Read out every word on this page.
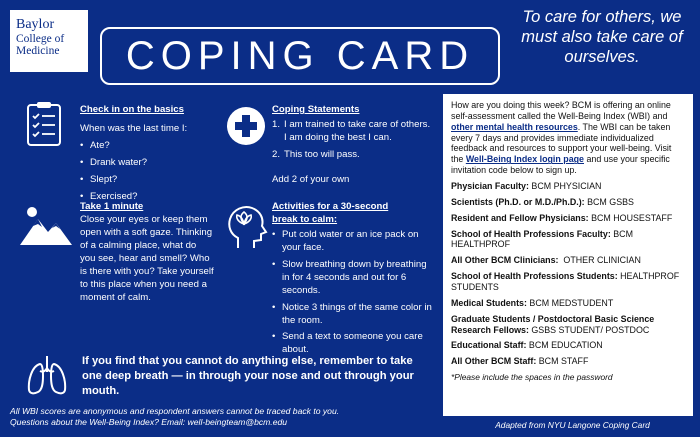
Baylor
College of
Medicine	COPING CARD
To care for others, we must also take care of ourselves.
Check in on the basics
When was the last time I:
• Ate?
• Drank water?
• Slept?
• Exercised?
Coping Statements
1. I am trained to take care of others. I am doing the best I can.
2. This too will pass.
Add 2 of your own
Take 1 minute
Close your eyes or keep them open with a soft gaze. Thinking of a calming place, what do you see, hear and smell? Who is there with you? Take yourself to this place when you need a moment of calm.
Activities for a 30-second break to calm:
• Put cold water or an ice pack on your face.
• Slow breathing down by breathing in for 4 seconds and out for 6 seconds.
• Notice 3 things of the same color in the room.
• Send a text to someone you care about.
If you find that you cannot do anything else, remember to take one deep breath — in through your nose and out through your mouth.
All WBI scores are anonymous and respondent answers cannot be traced back to you.
Questions about the Well-Being Index? Email: well-beingteam@bcm.edu

How are you doing this week? BCM is offering an online self-assessment called the Well-Being Index (WBI) and other mental health resources. The WBI can be taken every 7 days and provides immediate individualized feedback and resources to support your well-being. Visit the Well-Being Index login page and use your specific invitation code below to sign up.

Physician Faculty: BCM PHYSICIAN
Scientists (Ph.D. or M.D./Ph.D.): BCM GSBS
Resident and Fellow Physicians: BCM HOUSESTAFF
School of Health Professions Faculty: BCM HEALTHPROF
All Other BCM Clinicians:  OTHER CLINICIAN
School of Health Professions Students: HEALTHPROF STUDENTS
Medical Students: BCM MEDSTUDENT
Graduate Students / Postdoctoral Basic Science Research Fellows: GSBS STUDENT/ POSTDOC
Educational Staff: BCM EDUCATION
All Other BCM Staff: BCM STAFF
*Please include the spaces in the password
Adapted from NYU Langone Coping Card
